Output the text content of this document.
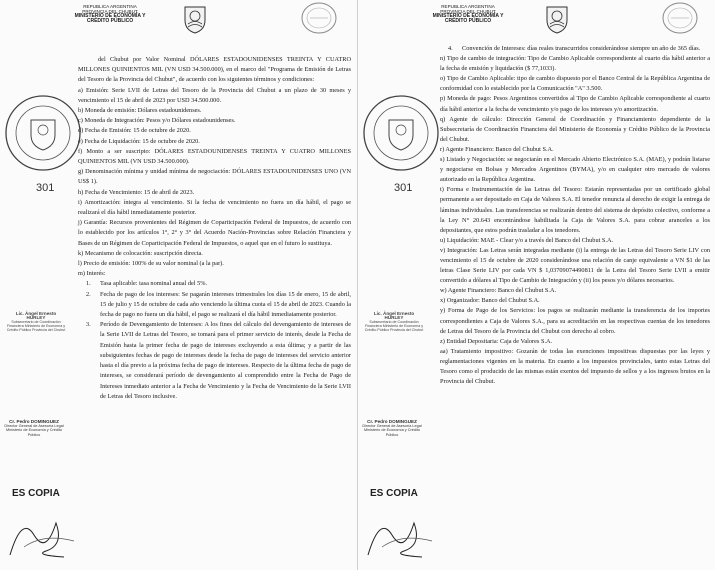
REPUBLICA ARGENTINA
PROVINCIA DEL CHUBUT
MINISTERIO DE ECONOMÍA Y
CRÉDITO PÚBLICO
301
Lic. Ángel Ernesto HURLEY
Subsecretario de Coordinación Financiera Ministerio de Economía y Crédito Público Provincia del Chubut
Cr. Pedro DOMINGUEZ
Director General de Asesoría Legal Ministerio de Economía y Crédito Público
ES COPIA

del Chubut por Valor Nominal DÓLARES ESTADOUNIDENSES TREINTA Y CUATRO MILLONES QUINIENTOS MIL (VN USD 34.500.000), en el marco del "Programa de Emisión de Letras del Tesoro de la Provincia del Chubut", de acuerdo con los siguientes términos y condiciones:

a) Emisión: Serie LVII de Letras del Tesoro de la Provincia del Chubut a un plazo de 30 meses y vencimiento el 15 de abril de 2023 por USD 34.500.000.

b) Moneda de emisión: Dólares estadounidenses.

c) Moneda de Integración: Pesos y/o Dólares estadounidenses.

d) Fecha de Emisión: 15 de octubre de 2020.

e) Fecha de Liquidación: 15 de octubre de 2020.

f) Monto a ser suscripto: DÓLARES ESTADOUNIDENSES TREINTA Y CUATRO MILLONES QUINIENTOS MIL (VN USD 34.500.000).

g) Denominación mínima y unidad mínima de negociación: DÓLARES ESTADOUNIDENSES UNO (VN US$ 1).

h) Fecha de Vencimiento: 15 de abril de 2023.

i) Amortización: íntegra al vencimiento. Si la fecha de vencimiento no fuera un día hábil, el pago se realizará el día hábil inmediatamente posterior.

j) Garantía: Recursos provenientes del Régimen de Coparticipación Federal de Impuestos, de acuerdo con lo establecido por los artículos 1°, 2° y 3° del Acuerdo Nación-Provincias sobre Relación Financiera y Bases de un Régimen de Coparticipación Federal de Impuestos, o aquel que en el futuro lo sustituya.

k) Mecanismo de colocación: suscripción directa.

l) Precio de emisión: 100% de su valor nominal (a la par).

m) Interés:

1. Tasa aplicable: tasa nominal anual del 5%.
2. Fecha de pago de los intereses: Se pagarán intereses trimestrales los días 15 de enero, 15 de abril, 15 de julio y 15 de octubre de cada año venciendo la última cuota el 15 de abril de 2023. Cuando la fecha de pago no fuera un día hábil, el pago se realizará el día hábil inmediatamente posterior.
3. Período de Devengamiento de Intereses: A los fines del cálculo del devengamiento de intereses de la Serie LVII de Letras del Tesoro, se tomará para el primer servicio de interés, desde la Fecha de Emisión hasta la primer fecha de pago de intereses excluyendo a esta última; y a partir de las subsiguientes fechas de pago de intereses desde la fecha de pago de intereses del servicio anterior hasta el día previo a la próxima fecha de pago de intereses. Respecto de la última fecha de pago de intereses, se considerará período de devengamiento al comprendido entre la Fecha de Pago de Intereses inmediato anterior a la Fecha de Vencimiento y la Fecha de Vencimiento de la Serie LVII de Letras del Tesoro inclusive.
REPUBLICA ARGENTINA
PROVINCIA DEL CHUBUT
MINISTERIO DE ECONOMÍA Y
CRÉDITO PÚBLICO
301
Lic. Ángel Ernesto HURLEY
Subsecretario de Coordinación Financiera Ministerio de Economía y Crédito Público Provincia del Chubut
Cr. Pedro DOMINGUEZ
Director General de Asesoría Legal Ministerio de Economía y Crédito Público
ES COPIA
4. Convención de Intereses: días reales transcurridos considerándose siempre un año de 365 días.

n) Tipo de cambio de integración: Tipo de Cambio Aplicable correspondiente al cuarto día hábil anterior a la fecha de emisión y liquidación ($ 77,1033).

o) Tipo de Cambio Aplicable: tipo de cambio dispuesto por el Banco Central de la República Argentina de conformidad con lo establecido por la Comunicación "A" 3.500.

p) Moneda de pago: Pesos Argentinos convertidos al Tipo de Cambio Aplicable correspondiente al cuarto día hábil anterior a la fecha de vencimiento y/o pago de los intereses y/o amortización.

q) Agente de cálculo: Dirección General de Coordinación y Financiamiento dependiente de la Subsecretaría de Coordinación Financiera del Ministerio de Economía y Crédito Público de la Provincia del Chubut.

r) Agente Financiero: Banco del Chubut S.A.

s) Listado y Negociación: se negociarán en el Mercado Abierto Electrónico S.A. (MAE), y podrán listarse y negociarse en Bolsas y Mercados Argentinos (BYMA), y/o en cualquier otro mercado de valores autorizado en la República Argentina.

t) Forma e Instrumentación de las Letras del Tesoro: Estarán representadas por un certificado global permanente a ser depositado en Caja de Valores S.A. El tenedor renuncia al derecho de exigir la entrega de láminas individuales. Las transferencias se realizarán dentro del sistema de depósito colectivo, conforme a la Ley N° 20.643 encontrándose habilitada la Caja de Valores S.A. para cobrar aranceles a los depositantes, que estos podrán trasladar a los tenedores.

u) Liquidación: MAE - Clear y/o a través del Banco del Chubut S.A.

v) Integración: Las Letras serán integradas mediante (i) la entrega de las Letras del Tesoro Serie LIV con vencimiento el 15 de octubre de 2020 considerándose una relación de canje equivalente a VN $1 de las letras Clase Serie LIV por cada VN $ 1,03709074490811 de la Letra del Tesoro Serie LVII a emitir convertido a dólares al Tipo de Cambio de Integración y (ii) los pesos y/o dólares necesarios.

w) Agente Financiero: Banco del Chubut S.A.

x) Organizador: Banco del Chubut S.A.

y) Forma de Pago de los Servicios: los pagos se realizarán mediante la transferencia de los importes correspondientes a Caja de Valores S.A., para su acreditación en las respectivas cuentas de los tenedores de Letras del Tesoro de la Provincia del Chubut con derecho al cobro.

z) Entidad Depositaria: Caja de Valores S.A.

aa) Tratamiento impositivo: Gozarán de todas las exenciones impositivas dispuestas por las leyes y reglamentaciones vigentes en la materia. En cuanto a los impuestos provinciales, tanto estas Letras del Tesoro como el producido de las mismas están exentos del impuesto de sellos y a los ingresos brutos en la Provincia del Chubut.
